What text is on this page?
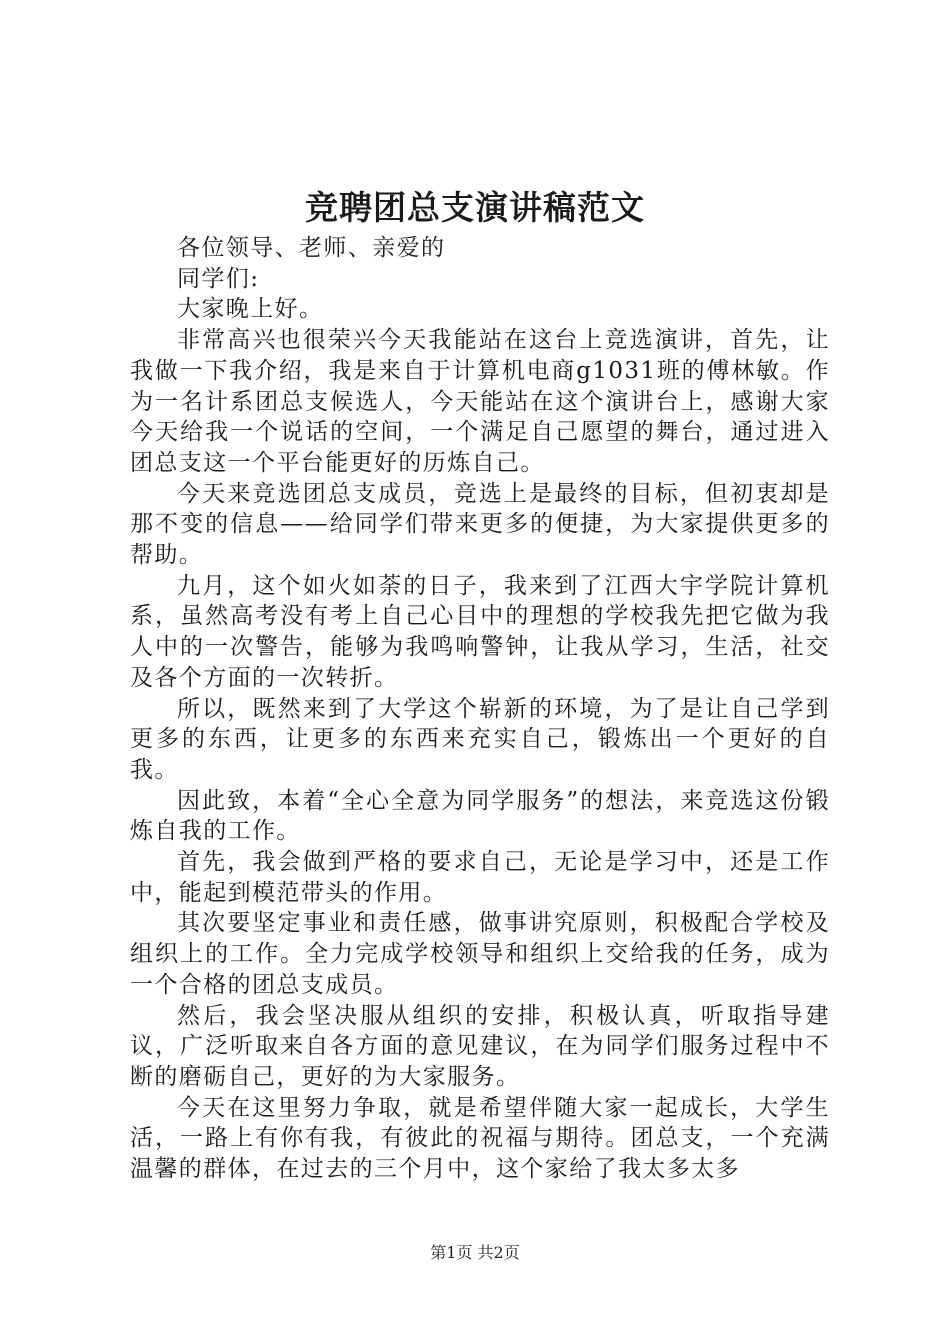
竞聘团总支演讲稿范文

各位领导、老师、亲爱的

同学们:

大家晚上好。

非常高兴也很荣兴今天我能站在这台上竞选演讲，首先，让我做一下我介绍，我是来自于计算机电商g1031班的傅林敏。作为一名计系团总支候选人，今天能站在这个演讲台上，感谢大家今天给我一个说话的空间，一个满足自己愿望的舞台，通过进入团总支这一个平台能更好的历炼自己。

今天来竞选团总支成员，竞选上是最终的目标，但初衷却是那不变的信息——给同学们带来更多的便捷，为大家提供更多的帮助。

九月，这个如火如荼的日子，我来到了江西大宇学院计算机系，虽然高考没有考上自己心目中的理想的学校我先把它做为我人中的一次警告，能够为我鸣响警钟，让我从学习，生活，社交及各个方面的一次转折。

所以，既然来到了大学这个崭新的环境，为了是让自己学到更多的东西，让更多的东西来充实自己，锻炼出一个更好的自我。

因此致，本着“全心全意为同学服务”的想法，来竞选这份锻炼自我的工作。

首先，我会做到严格的要求自己，无论是学习中，还是工作中，能起到模范带头的作用。

其次要坚定事业和责任感，做事讲究原则，积极配合学校及组织上的工作。全力完成学校领导和组织上交给我的任务，成为一个合格的团总支成员。

然后，我会坚决服从组织的安排，积极认真，听取指导建议，广泛听取来自各方面的意见建议，在为同学们服务过程中不断的磨砺自己，更好的为大家服务。

今天在这里努力争取，就是希望伴随大家一起成长，大学生活，一路上有你有我，有彼此的祝福与期待。团总支，一个充满温馨的群体，在过去的三个月中，这个家给了我太多太多

第1页 共2页
